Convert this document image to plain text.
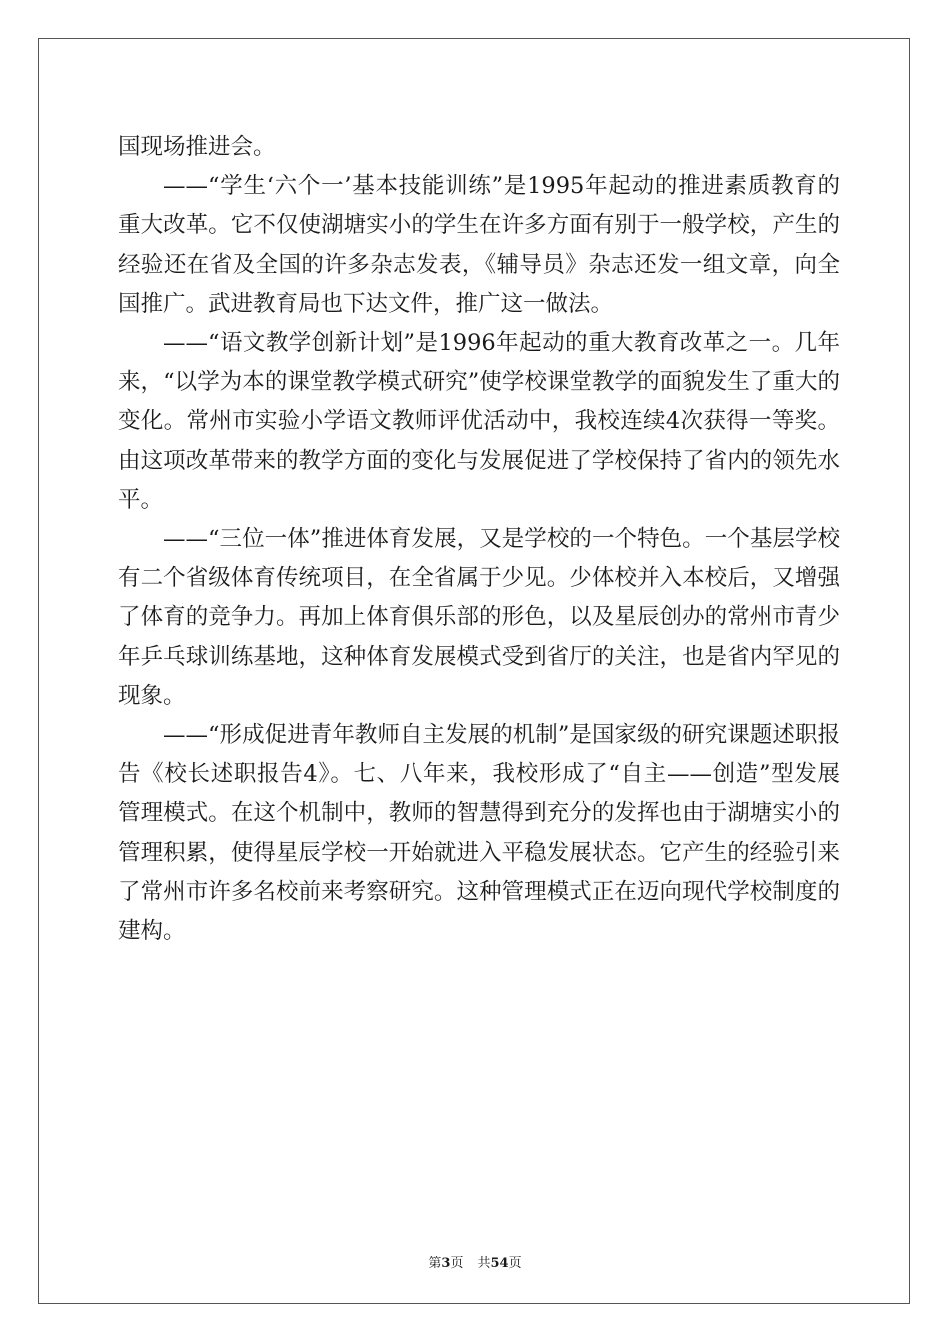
国现场推进会。

——“学生‘六个一’基本技能训练”是1995年起动的推进素质教育的重大改革。它不仅使湖塘实小的学生在许多方面有别于一般学校，产生的经验还在省及全国的许多杂志发表，《辅导员》杂志还发一组文章，向全国推广。武进教育局也下达文件，推广这一做法。

——“语文教学创新计划”是1996年起动的重大教育改革之一。几年来，“以学为本的课堂教学模式研究”使学校课堂教学的面貌发生了重大的变化。常州市实验小学语文教师评优活动中，我校连续4次获得一等奖。由这项改革带来的教学方面的变化与发展促进了学校保持了省内的领先水平。

——“三位一体”推进体育发展，又是学校的一个特色。一个基层学校有二个省级体育传统项目，在全省属于少见。少体校并入本校后，又增强了体育的竞争力。再加上体育俱乐部的形色，以及星辰创办的常州市青少年乒乓球训练基地，这种体育发展模式受到省厅的关注，也是省内罕见的现象。

——“形成促进青年教师自主发展的机制”是国家级的研究课题述职报告《校长述职报告4》。七、八年来，我校形成了“自主——创造”型发展管理模式。在这个机制中，教师的智慧得到充分的发挥也由于湖塘实小的管理积累，使得星辰学校一开始就进入平稳发展状态。它产生的经验引来了常州市许多名校前来考察研究。这种管理模式正在迈向现代学校制度的建构。

第3页 共54页
